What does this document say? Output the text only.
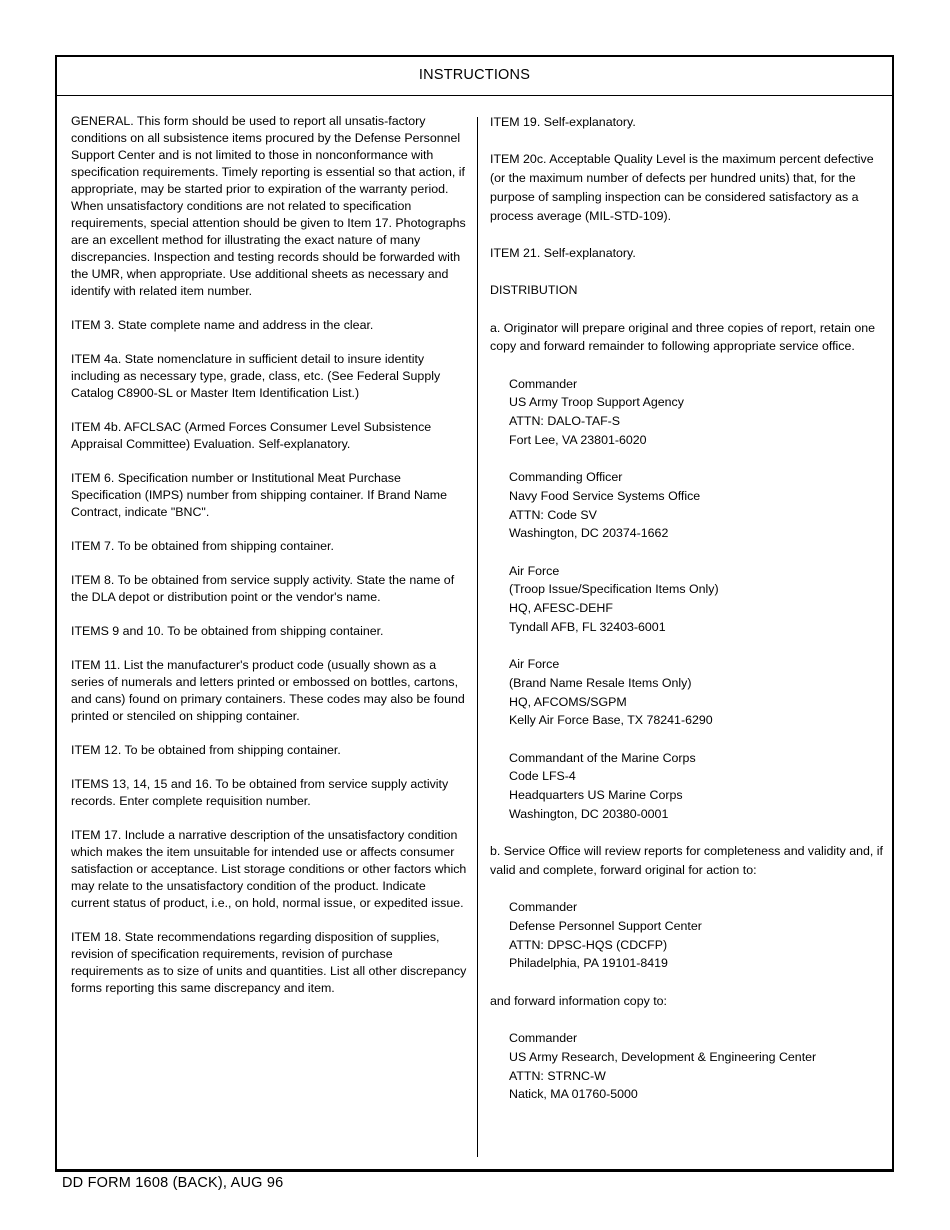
INSTRUCTIONS

GENERAL. This form should be used to report all unsatis-factory conditions on all subsistence items procured by the Defense Personnel Support Center and is not limited to those in nonconformance with specification requirements. Timely reporting is essential so that action, if appropriate, may be started prior to expiration of the warranty period. When unsatisfactory conditions are not related to specification requirements, special attention should be given to Item 17. Photographs are an excellent method for illustrating the exact nature of many discrepancies. Inspection and testing records should be forwarded with the UMR, when appropriate. Use additional sheets as necessary and identify with related item number.

ITEM 3. State complete name and address in the clear.

ITEM 4a. State nomenclature in sufficient detail to insure identity including as necessary type, grade, class, etc. (See Federal Supply Catalog C8900-SL or Master Item Identification List.)

ITEM 4b. AFCLSAC (Armed Forces Consumer Level Subsistence Appraisal Committee) Evaluation. Self-explanatory.

ITEM 6. Specification number or Institutional Meat Purchase Specification (IMPS) number from shipping container. If Brand Name Contract, indicate "BNC".

ITEM 7. To be obtained from shipping container.

ITEM 8. To be obtained from service supply activity. State the name of the DLA depot or distribution point or the vendor's name.

ITEMS 9 and 10. To be obtained from shipping container.

ITEM 11. List the manufacturer's product code (usually shown as a series of numerals and letters printed or embossed on bottles, cartons, and cans) found on primary containers. These codes may also be found printed or stenciled on shipping container.

ITEM 12. To be obtained from shipping container.

ITEMS 13, 14, 15 and 16. To be obtained from service supply activity records. Enter complete requisition number.

ITEM 17. Include a narrative description of the unsatisfactory condition which makes the item unsuitable for intended use or affects consumer satisfaction or acceptance. List storage conditions or other factors which may relate to the unsatisfactory condition of the product. Indicate current status of product, i.e., on hold, normal issue, or expedited issue.

ITEM 18. State recommendations regarding disposition of supplies, revision of specification requirements, revision of purchase requirements as to size of units and quantities. List all other discrepancy forms reporting this same discrepancy and item.

ITEM 19. Self-explanatory.

ITEM 20c. Acceptable Quality Level is the maximum percent defective (or the maximum number of defects per hundred units) that, for the purpose of sampling inspection can be considered satisfactory as a process average (MIL-STD-109).

ITEM 21. Self-explanatory.

DISTRIBUTION

a. Originator will prepare original and three copies of report, retain one copy and forward remainder to following appropriate service office.

Commander
US Army Troop Support Agency
ATTN: DALO-TAF-S
Fort Lee, VA 23801-6020
Commanding Officer
Navy Food Service Systems Office
ATTN: Code SV
Washington, DC 20374-1662
Air Force
(Troop Issue/Specification Items Only)
HQ, AFESC-DEHF
Tyndall AFB, FL 32403-6001
Air Force
(Brand Name Resale Items Only)
HQ, AFCOMS/SGPM
Kelly Air Force Base, TX 78241-6290
Commandant of the Marine Corps
Code LFS-4
Headquarters US Marine Corps
Washington, DC 20380-0001

b. Service Office will review reports for completeness and validity and, if valid and complete, forward original for action to:

Commander
Defense Personnel Support Center
ATTN: DPSC-HQS (CDCFP)
Philadelphia, PA 19101-8419

and forward information copy to:

Commander
US Army Research, Development & Engineering Center
ATTN: STRNC-W
Natick, MA 01760-5000
DD FORM 1608 (BACK), AUG 96
